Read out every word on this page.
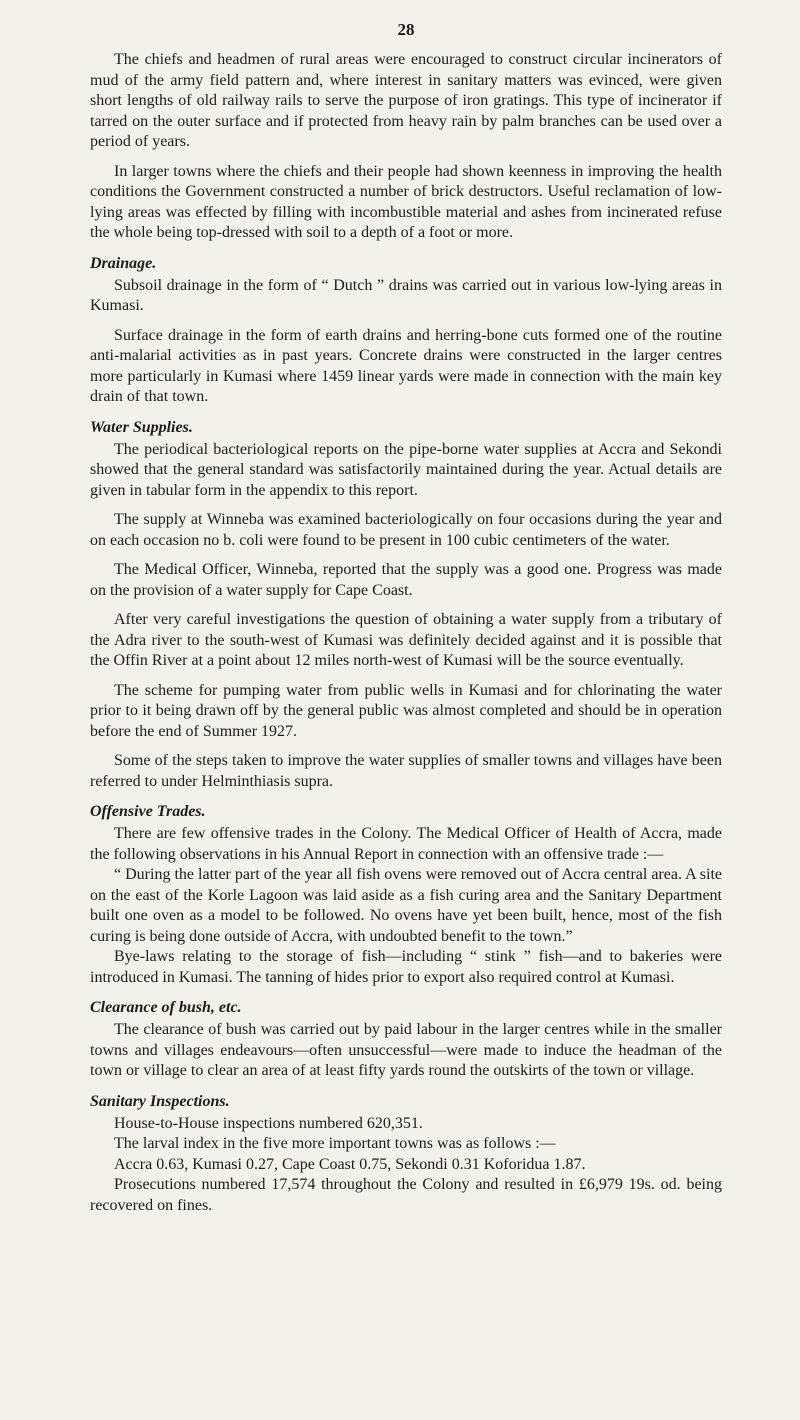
28

The chiefs and headmen of rural areas were encouraged to construct circular incinerators of mud of the army field pattern and, where interest in sanitary matters was evinced, were given short lengths of old railway rails to serve the purpose of iron gratings. This type of incinerator if tarred on the outer surface and if protected from heavy rain by palm branches can be used over a period of years.

In larger towns where the chiefs and their people had shown keenness in improving the health conditions the Government constructed a number of brick destructors. Useful reclamation of low-lying areas was effected by filling with incombustible material and ashes from incinerated refuse the whole being top-dressed with soil to a depth of a foot or more.

Drainage.

Subsoil drainage in the form of “ Dutch ” drains was carried out in various low-lying areas in Kumasi.

Surface drainage in the form of earth drains and herring-bone cuts formed one of the routine anti-malarial activities as in past years. Concrete drains were constructed in the larger centres more particularly in Kumasi where 1459 linear yards were made in connection with the main key drain of that town.

Water Supplies.

The periodical bacteriological reports on the pipe-borne water supplies at Accra and Sekondi showed that the general standard was satisfactorily maintained during the year. Actual details are given in tabular form in the appendix to this report.

The supply at Winneba was examined bacteriologically on four occasions during the year and on each occasion no b. coli were found to be present in 100 cubic centimeters of the water.

The Medical Officer, Winneba, reported that the supply was a good one. Progress was made on the provision of a water supply for Cape Coast.

After very careful investigations the question of obtaining a water supply from a tributary of the Adra river to the south-west of Kumasi was definitely decided against and it is possible that the Offin River at a point about 12 miles north-west of Kumasi will be the source eventually.

The scheme for pumping water from public wells in Kumasi and for chlorinating the water prior to it being drawn off by the general public was almost completed and should be in operation before the end of Summer 1927.

Some of the steps taken to improve the water supplies of smaller towns and villages have been referred to under Helminthiasis supra.

Offensive Trades.

There are few offensive trades in the Colony. The Medical Officer of Health of Accra, made the following observations in his Annual Report in connection with an offensive trade :—

“ During the latter part of the year all fish ovens were removed out of Accra central area. A site on the east of the Korle Lagoon was laid aside as a fish curing area and the Sanitary Department built one oven as a model to be followed. No ovens have yet been built, hence, most of the fish curing is being done outside of Accra, with undoubted benefit to the town.”

Bye-laws relating to the storage of fish—including “ stink ” fish—and to bakeries were introduced in Kumasi. The tanning of hides prior to export also required control at Kumasi.

Clearance of bush, etc.

The clearance of bush was carried out by paid labour in the larger centres while in the smaller towns and villages endeavours—often unsuccessful—were made to induce the headman of the town or village to clear an area of at least fifty yards round the outskirts of the town or village.

Sanitary Inspections.

House-to-House inspections numbered 620,351.

The larval index in the five more important towns was as follows :—

Accra 0.63, Kumasi 0.27, Cape Coast 0.75, Sekondi 0.31 Koforidua 1.87.

Prosecutions numbered 17,574 throughout the Colony and resulted in £6,979 19s. od. being recovered on fines.
